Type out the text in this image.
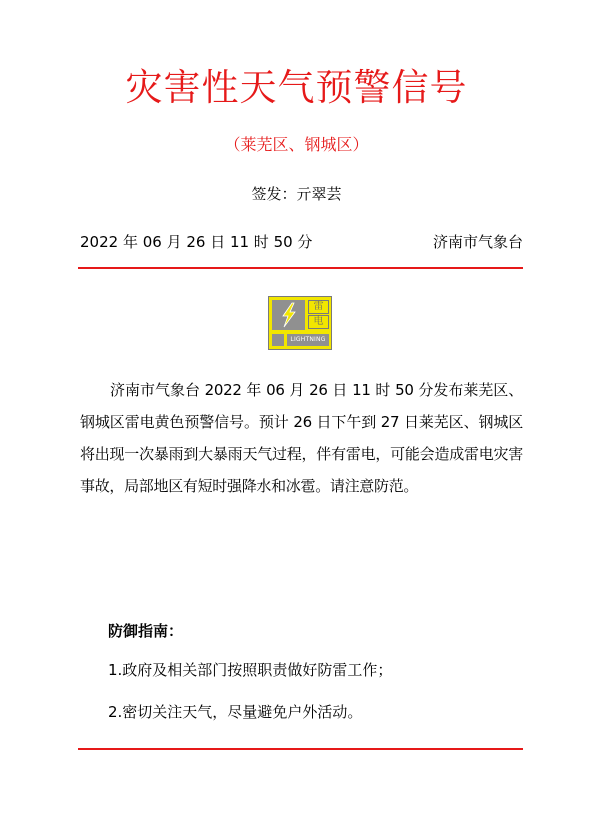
灾害性天气预警信号
（莱芜区、钢城区）
签发：亓翠芸
2022 年 06 月 26 日 11 时 50 分	济南市气象台
雷
电
LIGHTNING
济南市气象台 2022 年 06 月 26 日 11 时 50 分发布莱芜区、钢城区雷电黄色预警信号。预计 26 日下午到 27 日莱芜区、钢城区将出现一次暴雨到大暴雨天气过程，伴有雷电，可能会造成雷电灾害事故，局部地区有短时强降水和冰雹。请注意防范。
防御指南：
1.政府及相关部门按照职责做好防雷工作；
2.密切关注天气，尽量避免户外活动。
